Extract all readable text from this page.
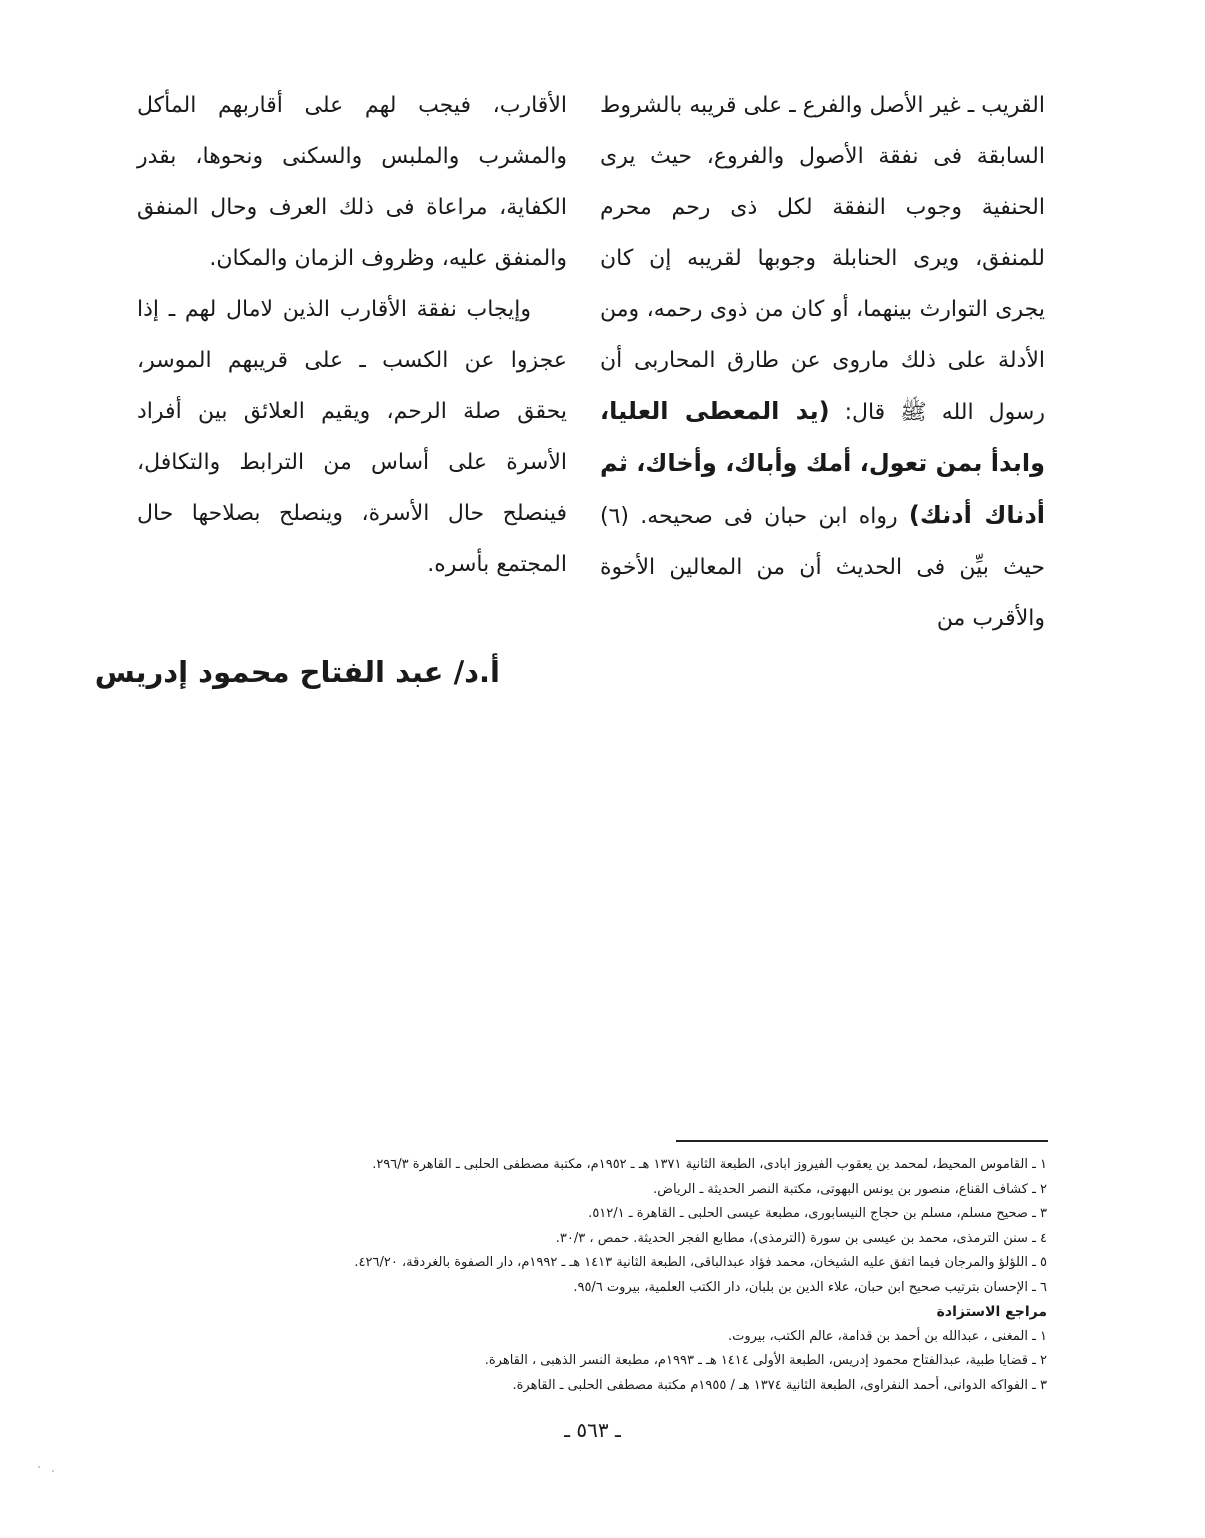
القريب ـ غير الأصل والفرع ـ على قريبه بالشروط السابقة فى نفقة الأصول والفروع، حيث يرى الحنفية وجوب النفقة لكل ذى رحم محرم للمنفق، ويرى الحنابلة وجوبها لقريبه إن كان يجرى التوارث بينهما، أو كان من ذوى رحمه، ومن الأدلة على ذلك ماروى عن طارق المحاربى أن رسول الله ﷺ قال: (يد المعطى العليا، وابدأ بمن تعول، أمك وأباك، وأخاك، ثم أدناك أدنك) رواه ابن حبان فى صحيحه. (٦) حيث بيِّن فى الحديث أن من المعالين الأخوة والأقرب من

الأقارب، فيجب لهم على أقاربهم المأكل والمشرب والملبس والسكنى ونحوها، بقدر الكفاية، مراعاة فى ذلك العرف وحال المنفق والمنفق عليه، وظروف الزمان والمكان.

وإيجاب نفقة الأقارب الذين لامال لهم ـ إذا عجزوا عن الكسب ـ على قريبهم الموسر، يحقق صلة الرحم، ويقيم العلائق بين أفراد الأسرة على أساس من الترابط والتكافل، فينصلح حال الأسرة، وينصلح بصلاحها حال المجتمع بأسره.

أ.د/ عبد الفتاح محمود إدريس
١ ـ القاموس المحيط، لمحمد بن يعقوب الفيروز ابادى، الطبعة الثانية ١٣٧١ هـ ـ ١٩٥٢م، مكتبة مصطفى الحلبى ـ القاهرة ٢٩٦/٣.
٢ ـ كشاف القناع، منصور بن يونس البهوتى، مكتبة النصر الحديثة ـ الرياض.
٣ ـ صحيح مسلم، مسلم بن حجاج النيسابورى، مطبعة عيسى الحلبى ـ القاهرة ـ ٥١٢/١.
٤ ـ سنن الترمذى، محمد بن عيسى بن سورة (الترمذى)، مطابع الفجر الحديثة. حمص ، ٣٠/٣.
٥ ـ اللؤلؤ والمرجان فيما اتفق عليه الشيخان، محمد فؤاد عبدالباقى، الطبعة الثانية ١٤١٣ هـ ـ ١٩٩٢م، دار الصفوة بالغردقة، ٤٢٦/٢٠.
٦ ـ الإحسان بترتيب صحيح ابن حبان، علاء الدين بن بلبان، دار الكتب العلمية، بيروت ٩٥/٦.
مراجع الاستزادة
١ ـ المغنى ، عبدالله بن أحمد بن قدامة، عالم الكتب، بيروت.
٢ ـ قضايا طبية، عبدالفتاح محمود إدريس، الطبعة الأولى ١٤١٤ هـ ـ ١٩٩٣م، مطبعة النسر الذهبى ، القاهرة.
٣ ـ الفواكه الدوانى، أحمد النفراوى، الطبعة الثانية ١٣٧٤ هـ / ١٩٥٥م مكتبة مصطفى الحلبى ـ القاهرة.
ـ ٥٦٣ ـ
